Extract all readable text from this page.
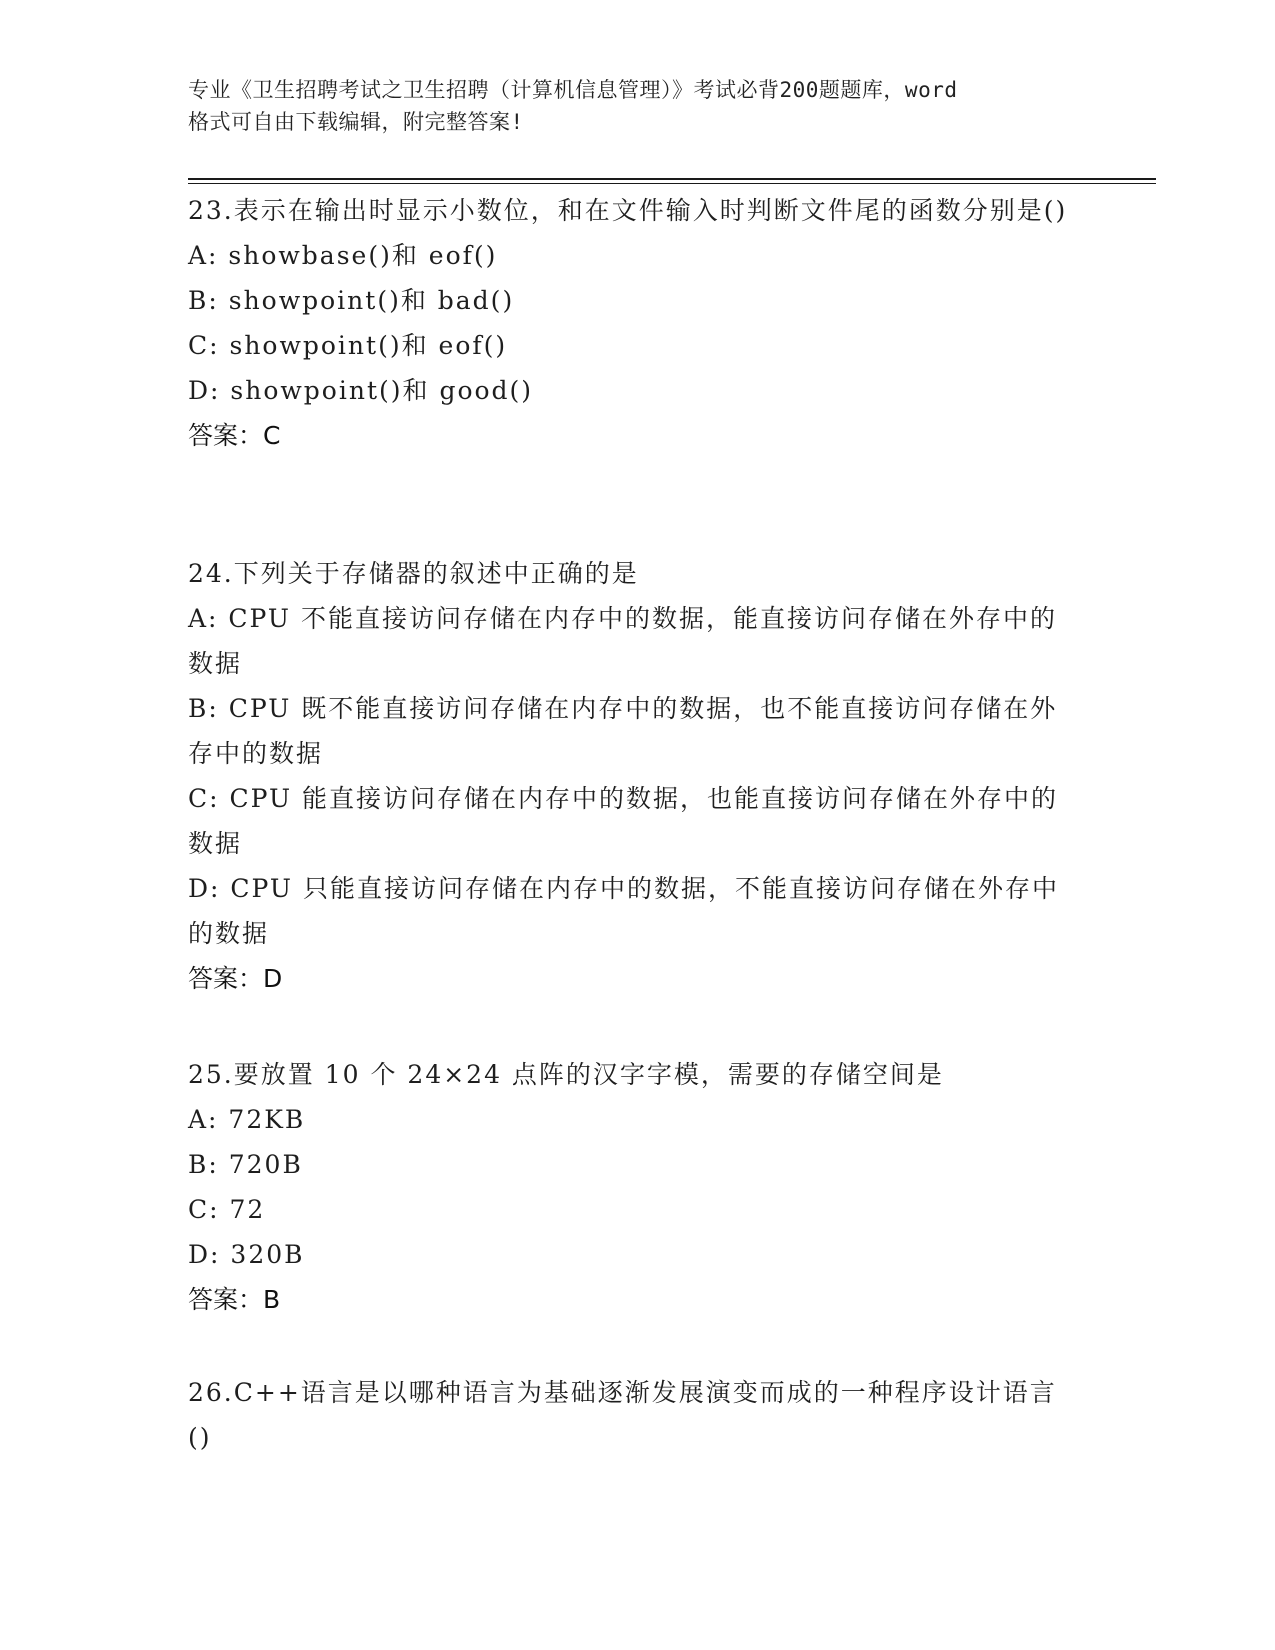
专业《卫生招聘考试之卫生招聘（计算机信息管理）》考试必背200题题库，word
格式可自由下载编辑，附完整答案!
23.表示在输出时显示小数位，和在文件输入时判断文件尾的函数分别是()
A: showbase()和 eof()
B: showpoint()和 bad()
C: showpoint()和 eof()
D: showpoint()和 good()
答案：C
24.下列关于存储器的叙述中正确的是
A: CPU 不能直接访问存储在内存中的数据，能直接访问存储在外存中的数据
B: CPU 既不能直接访问存储在内存中的数据，也不能直接访问存储在外存中的数据
C: CPU 能直接访问存储在内存中的数据，也能直接访问存储在外存中的数据
D: CPU 只能直接访问存储在内存中的数据，不能直接访问存储在外存中的数据
答案：D
25.要放置 10 个 24×24 点阵的汉字字模，需要的存储空间是
A: 72KB
B: 720B
C: 72
D: 320B
答案：B
26.C++语言是以哪种语言为基础逐渐发展演变而成的一种程序设计语言()
